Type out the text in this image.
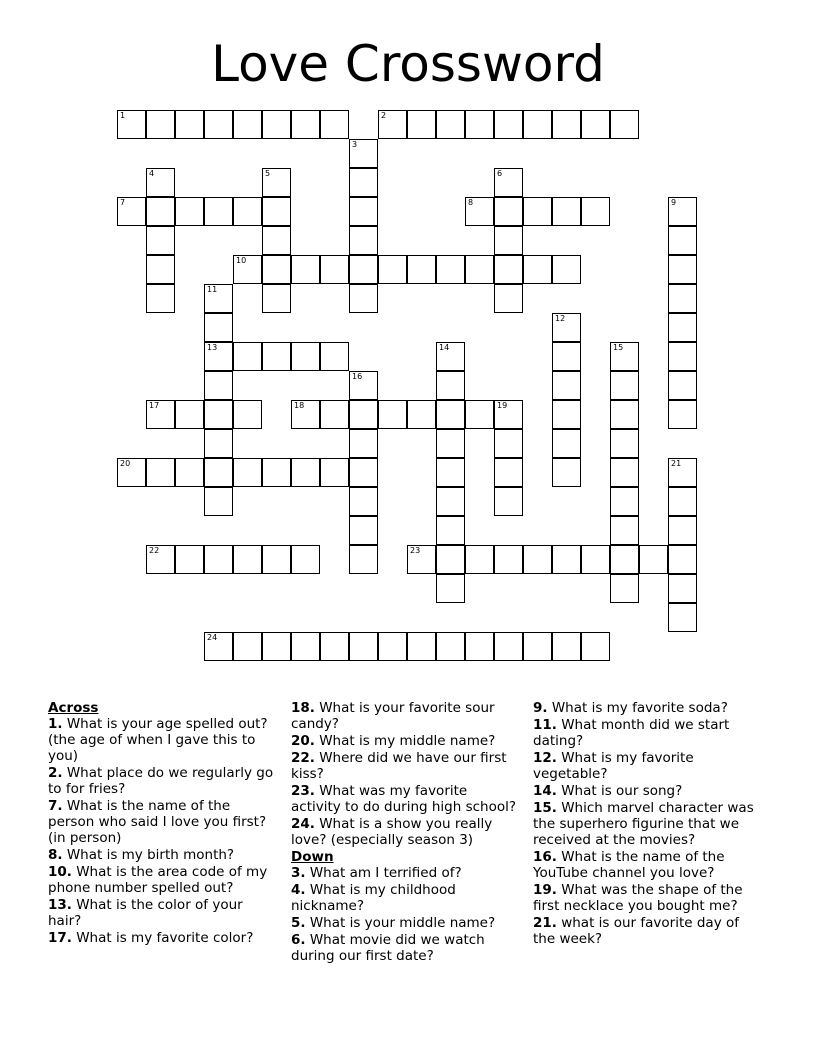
Love Crossword
1	2
3
4	5	6
7	8	9
10
11
13
12
14	15
16
17	18	19
20	21
22	23
24
Across
1. What is your age spelled out? (the age of when I gave this to you)
2. What place do we regularly go to for fries?
7. What is the name of the person who said I love you first? (in person)
8. What is my birth month?
10. What is the area code of my phone number spelled out?
13. What is the color of your hair?
17. What is my favorite color?
18. What is your favorite sour candy?
20. What is my middle name?
22. Where did we have our first kiss?
23. What was my favorite activity to do during high school?
24. What is a show you really love? (especially season 3)
Down
3. What am I terrified of?
4. What is my childhood nickname?
5. What is your middle name?
6. What movie did we watch during our first date?
9. What is my favorite soda?
11. What month did we start dating?
12. What is my favorite vegetable?
14. What is our song?
15. Which marvel character was the superhero figurine that we received at the movies?
16. What is the name of the YouTube channel you love?
19. What was the shape of the first necklace you bought me?
21. what is our favorite day of the week?
